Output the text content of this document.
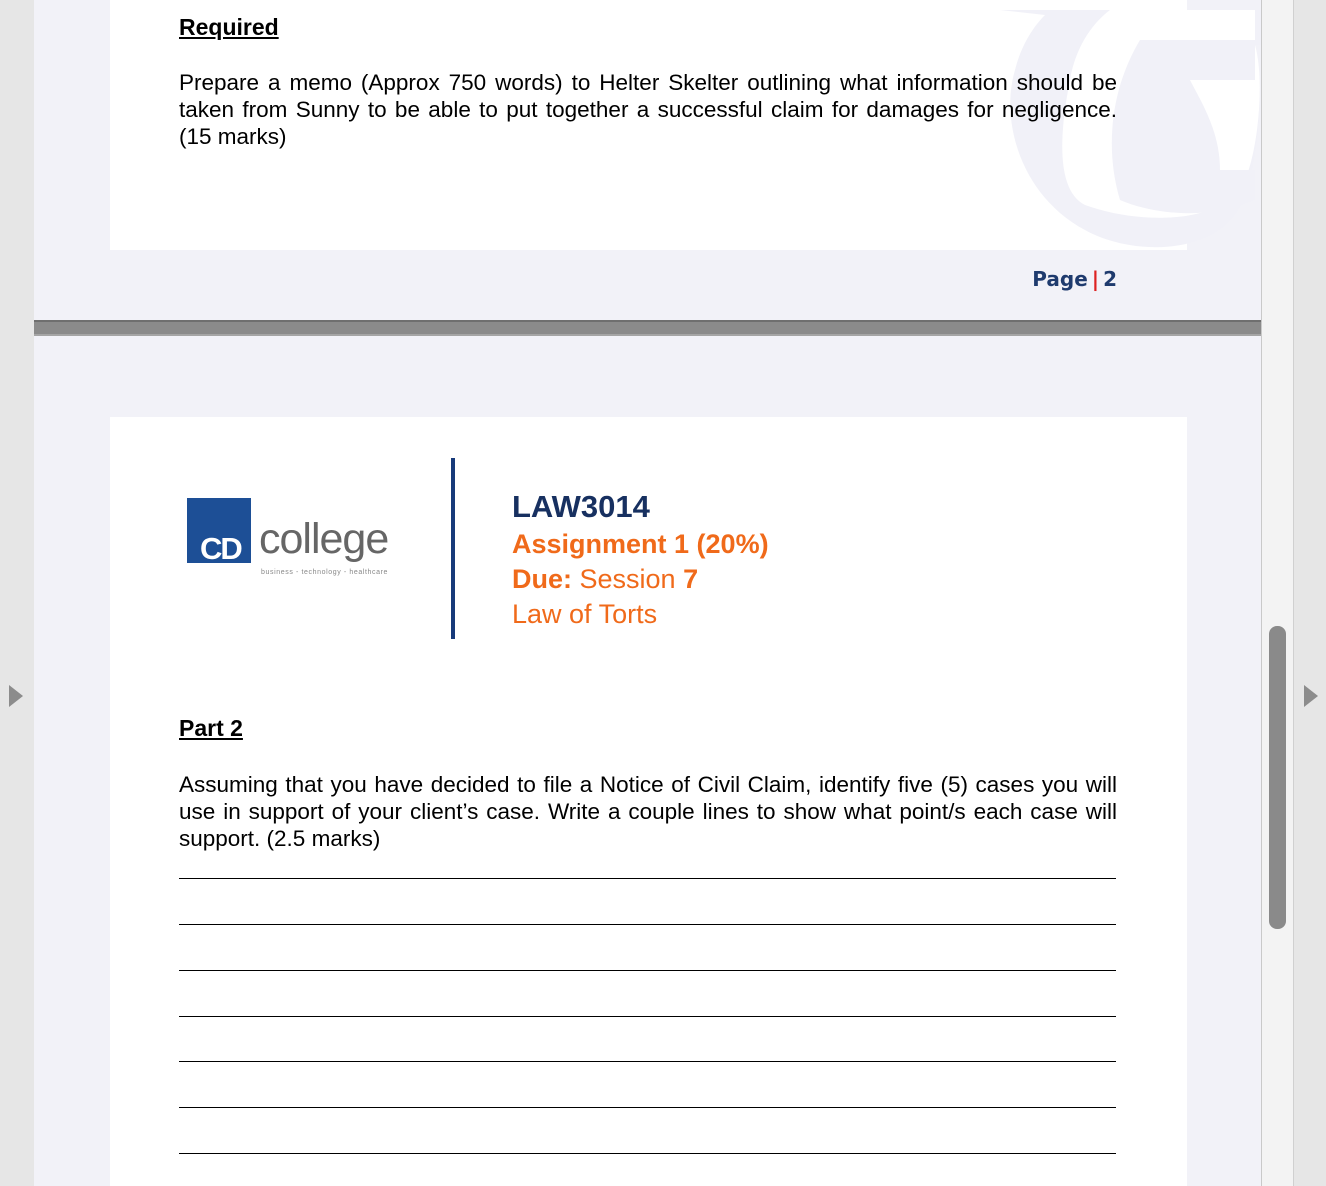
Required
Prepare a memo (Approx 750 words) to Helter Skelter outlining what information should be taken from Sunny to be able to put together a successful claim for damages for negligence. (15 marks)
Page | 2
CD college
business - technology - healthcare
LAW3014
Assignment 1 (20%)
Due: Session 7
Law of Torts
Part 2
Assuming that you have decided to file a Notice of Civil Claim, identify five (5) cases you will use in support of your client’s case. Write a couple lines to show what point/s each case will support. (2.5 marks)
